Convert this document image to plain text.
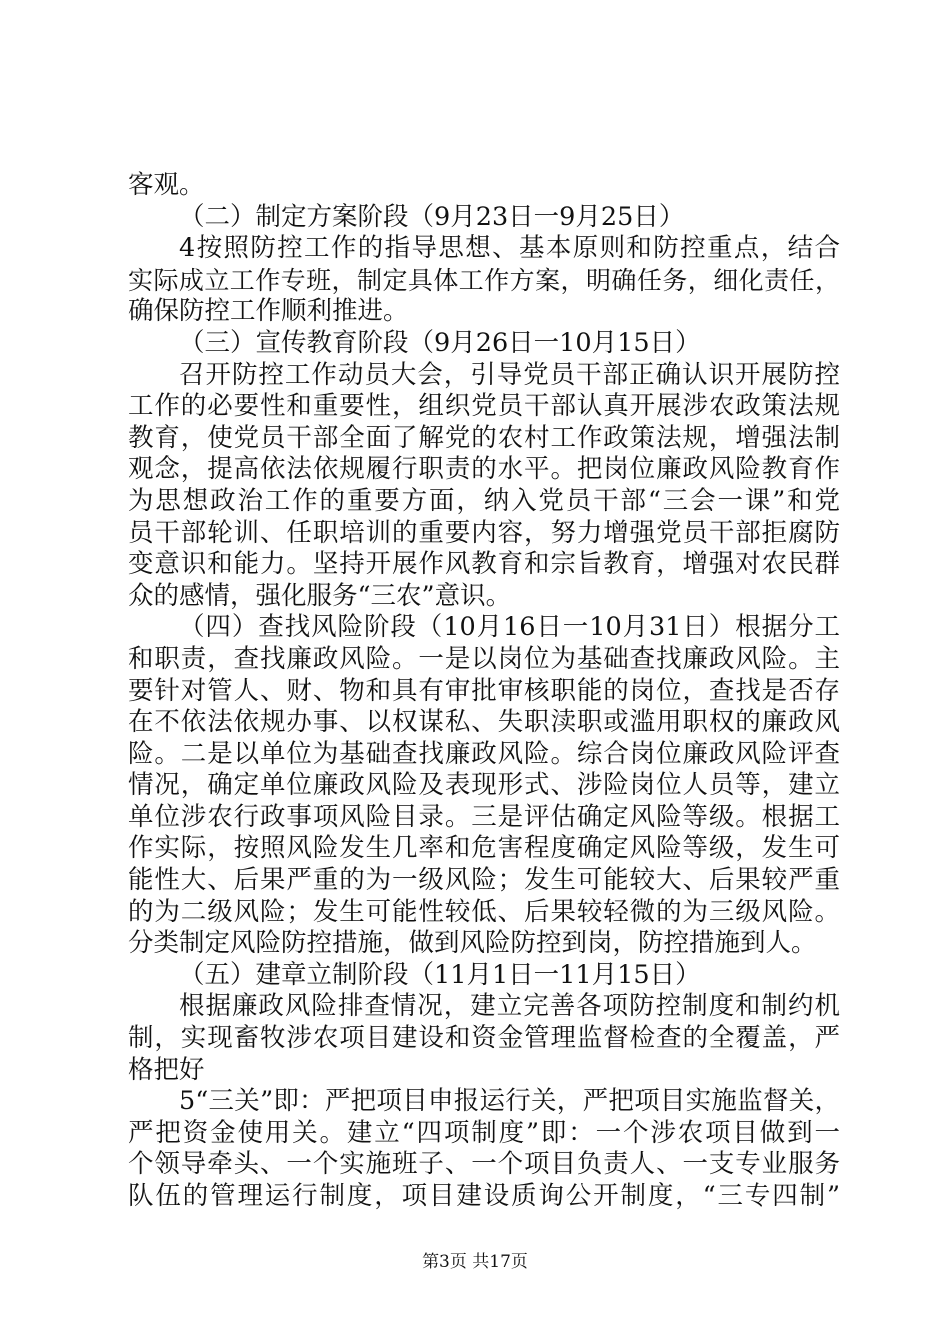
客观。
（二）制定方案阶段（9月23日一9月25日）
4按照防控工作的指导思想、基本原则和防控重点，结合
实际成立工作专班，制定具体工作方案，明确任务，细化责任，
确保防控工作顺利推进。
（三）宣传教育阶段（9月26日一10月15日）
召开防控工作动员大会，引导党员干部正确认识开展防控
工作的必要性和重要性，组织党员干部认真开展涉农政策法规
教育，使党员干部全面了解党的农村工作政策法规，增强法制
观念，提高依法依规履行职责的水平。把岗位廉政风险教育作
为思想政治工作的重要方面，纳入党员干部“三会一课”和党
员干部轮训、任职培训的重要内容，努力增强党员干部拒腐防
变意识和能力。坚持开展作风教育和宗旨教育，增强对农民群
众的感情，强化服务“三农”意识。
（四）查找风险阶段（10月16日一10月31日）根据分工
和职责，查找廉政风险。一是以岗位为基础查找廉政风险。主
要针对管人、财、物和具有审批审核职能的岗位，查找是否存
在不依法依规办事、以权谋私、失职渎职或滥用职权的廉政风
险。二是以单位为基础查找廉政风险。综合岗位廉政风险评查
情况，确定单位廉政风险及表现形式、涉险岗位人员等，建立
单位涉农行政事项风险目录。三是评估确定风险等级。根据工
作实际，按照风险发生几率和危害程度确定风险等级，发生可
能性大、后果严重的为一级风险；发生可能较大、后果较严重
的为二级风险；发生可能性较低、后果较轻微的为三级风险。
分类制定风险防控措施，做到风险防控到岗，防控措施到人。
（五）建章立制阶段（11月1日一11月15日）
根据廉政风险排查情况，建立完善各项防控制度和制约机
制，实现畜牧涉农项目建设和资金管理监督检查的全覆盖，严
格把好
5“三关”即：严把项目申报运行关，严把项目实施监督关，
严把资金使用关。建立“四项制度”即：一个涉农项目做到一
个领导牵头、一个实施班子、一个项目负责人、一支专业服务
队伍的管理运行制度，项目建设质询公开制度，“三专四制”
第3页 共17页
